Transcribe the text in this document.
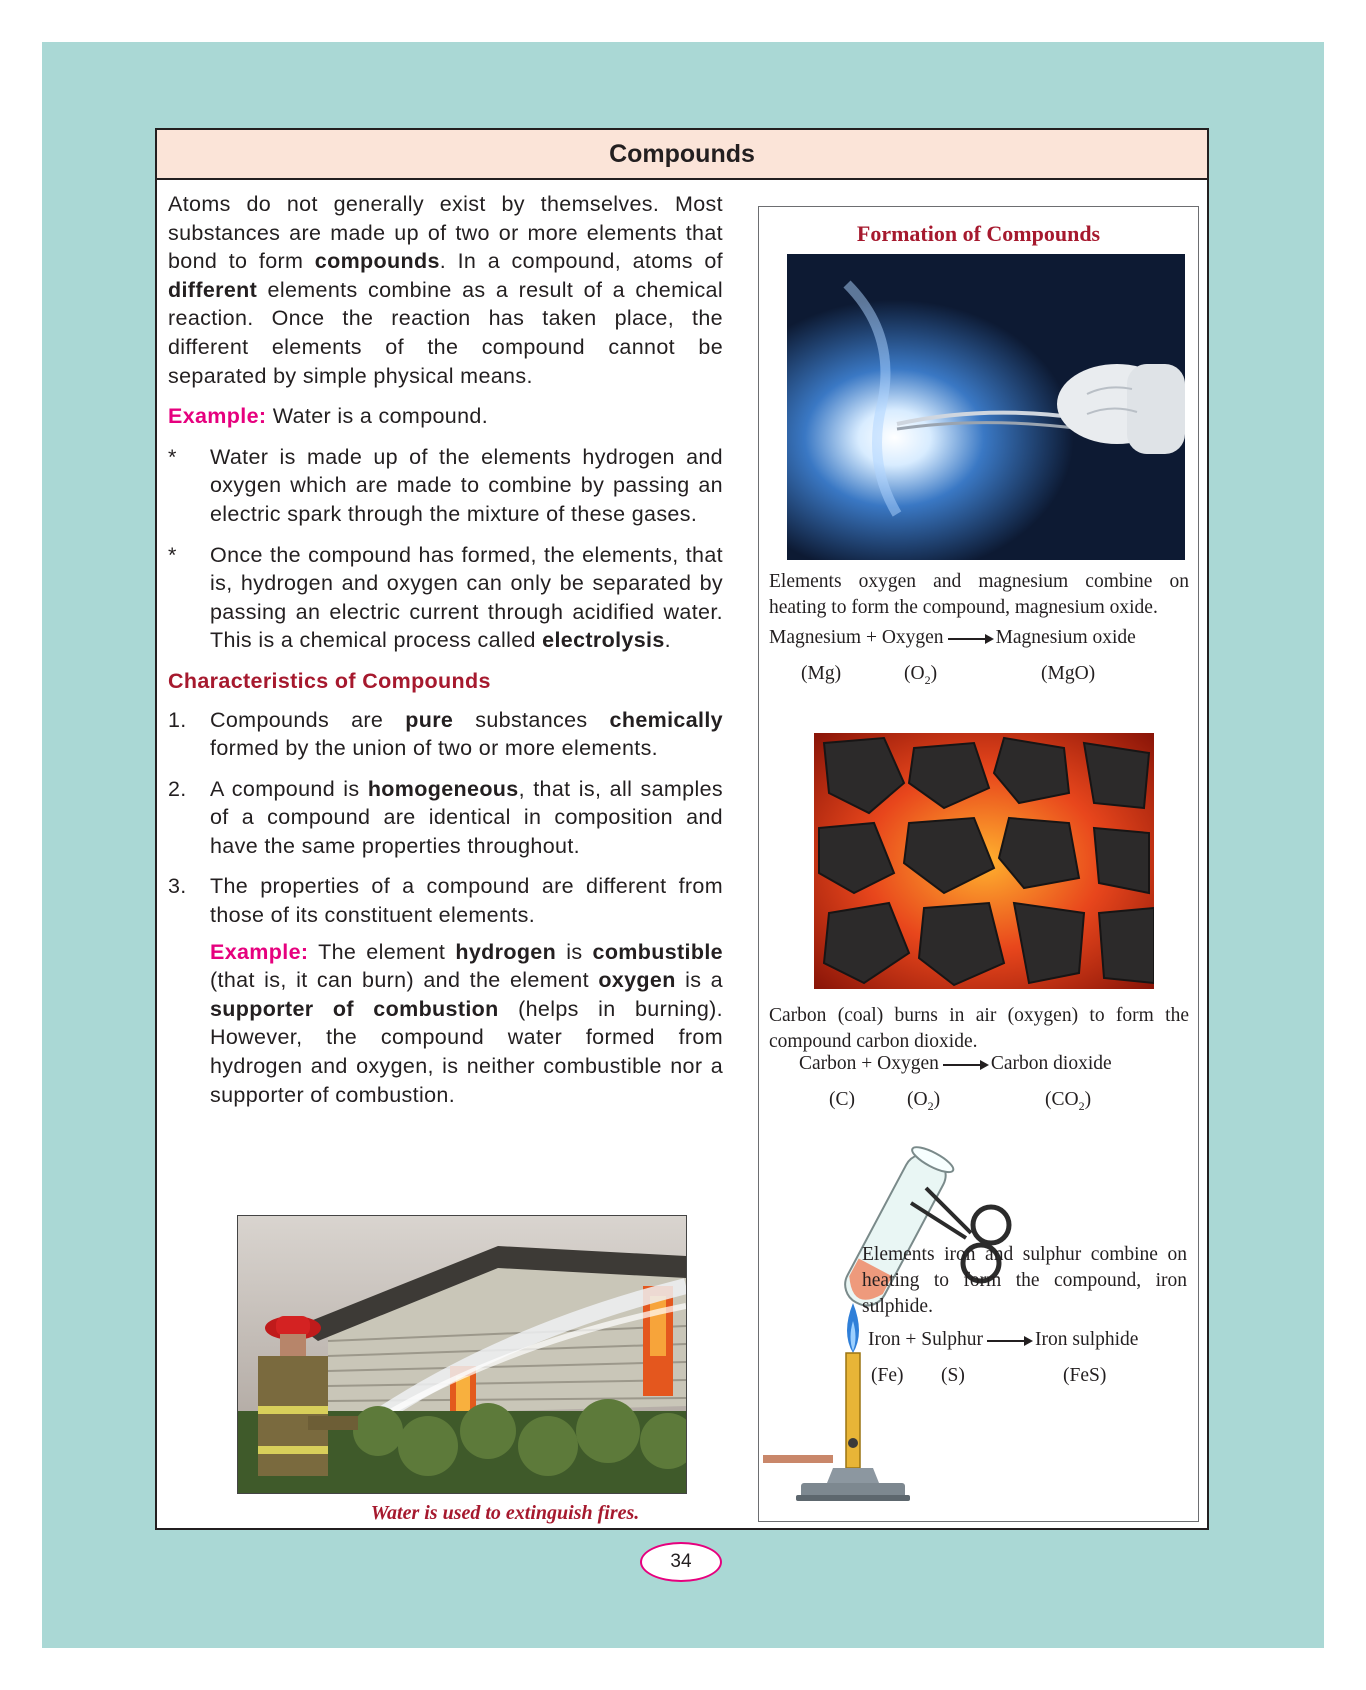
Compounds

Atoms do not generally exist by themselves. Most substances are made up of two or more elements that bond to form compounds. In a compound, atoms of different elements combine as a result of a chemical reaction. Once the reaction has taken place, the different elements of the compound cannot be separated by simple physical means.

Example: Water is a compound.

* Water is made up of the elements hydrogen and oxygen which are made to combine by passing an electric spark through the mixture of these gases.
* Once the compound has formed, the elements, that is, hydrogen and oxygen can only be separated by passing an electric current through acidified water. This is a chemical process called electrolysis.
Characteristics of Compounds
1. Compounds are pure substances chemically formed by the union of two or more elements.
2. A compound is homogeneous, that is, all samples of a compound are identical in composition and have the same properties throughout.
3. The properties of a compound are different from those of its constituent elements.

Example: The element hydrogen is combustible (that is, it can burn) and the element oxygen is a supporter of combustion (helps in burning). However, the compound water formed from hydrogen and oxygen, is neither combustible nor a supporter of combustion.

Water is used to extinguish fires.
Formation of Compounds
Elements oxygen and magnesium combine on heating to form the compound, magnesium oxide.
Magnesium + Oxygen → Magnesium oxide
(Mg)	$(O_2)$	(MgO)
Carbon (coal) burns in air (oxygen) to form the compound carbon dioxide.
Carbon + Oxygen → Carbon dioxide
(C)	$(O_2)$	$(CO_2)$
Elements iron and sulphur combine on heating to form the compound, iron sulphide.
Iron + Sulphur → Iron sulphide
(Fe) (S)	(FeS)
34
